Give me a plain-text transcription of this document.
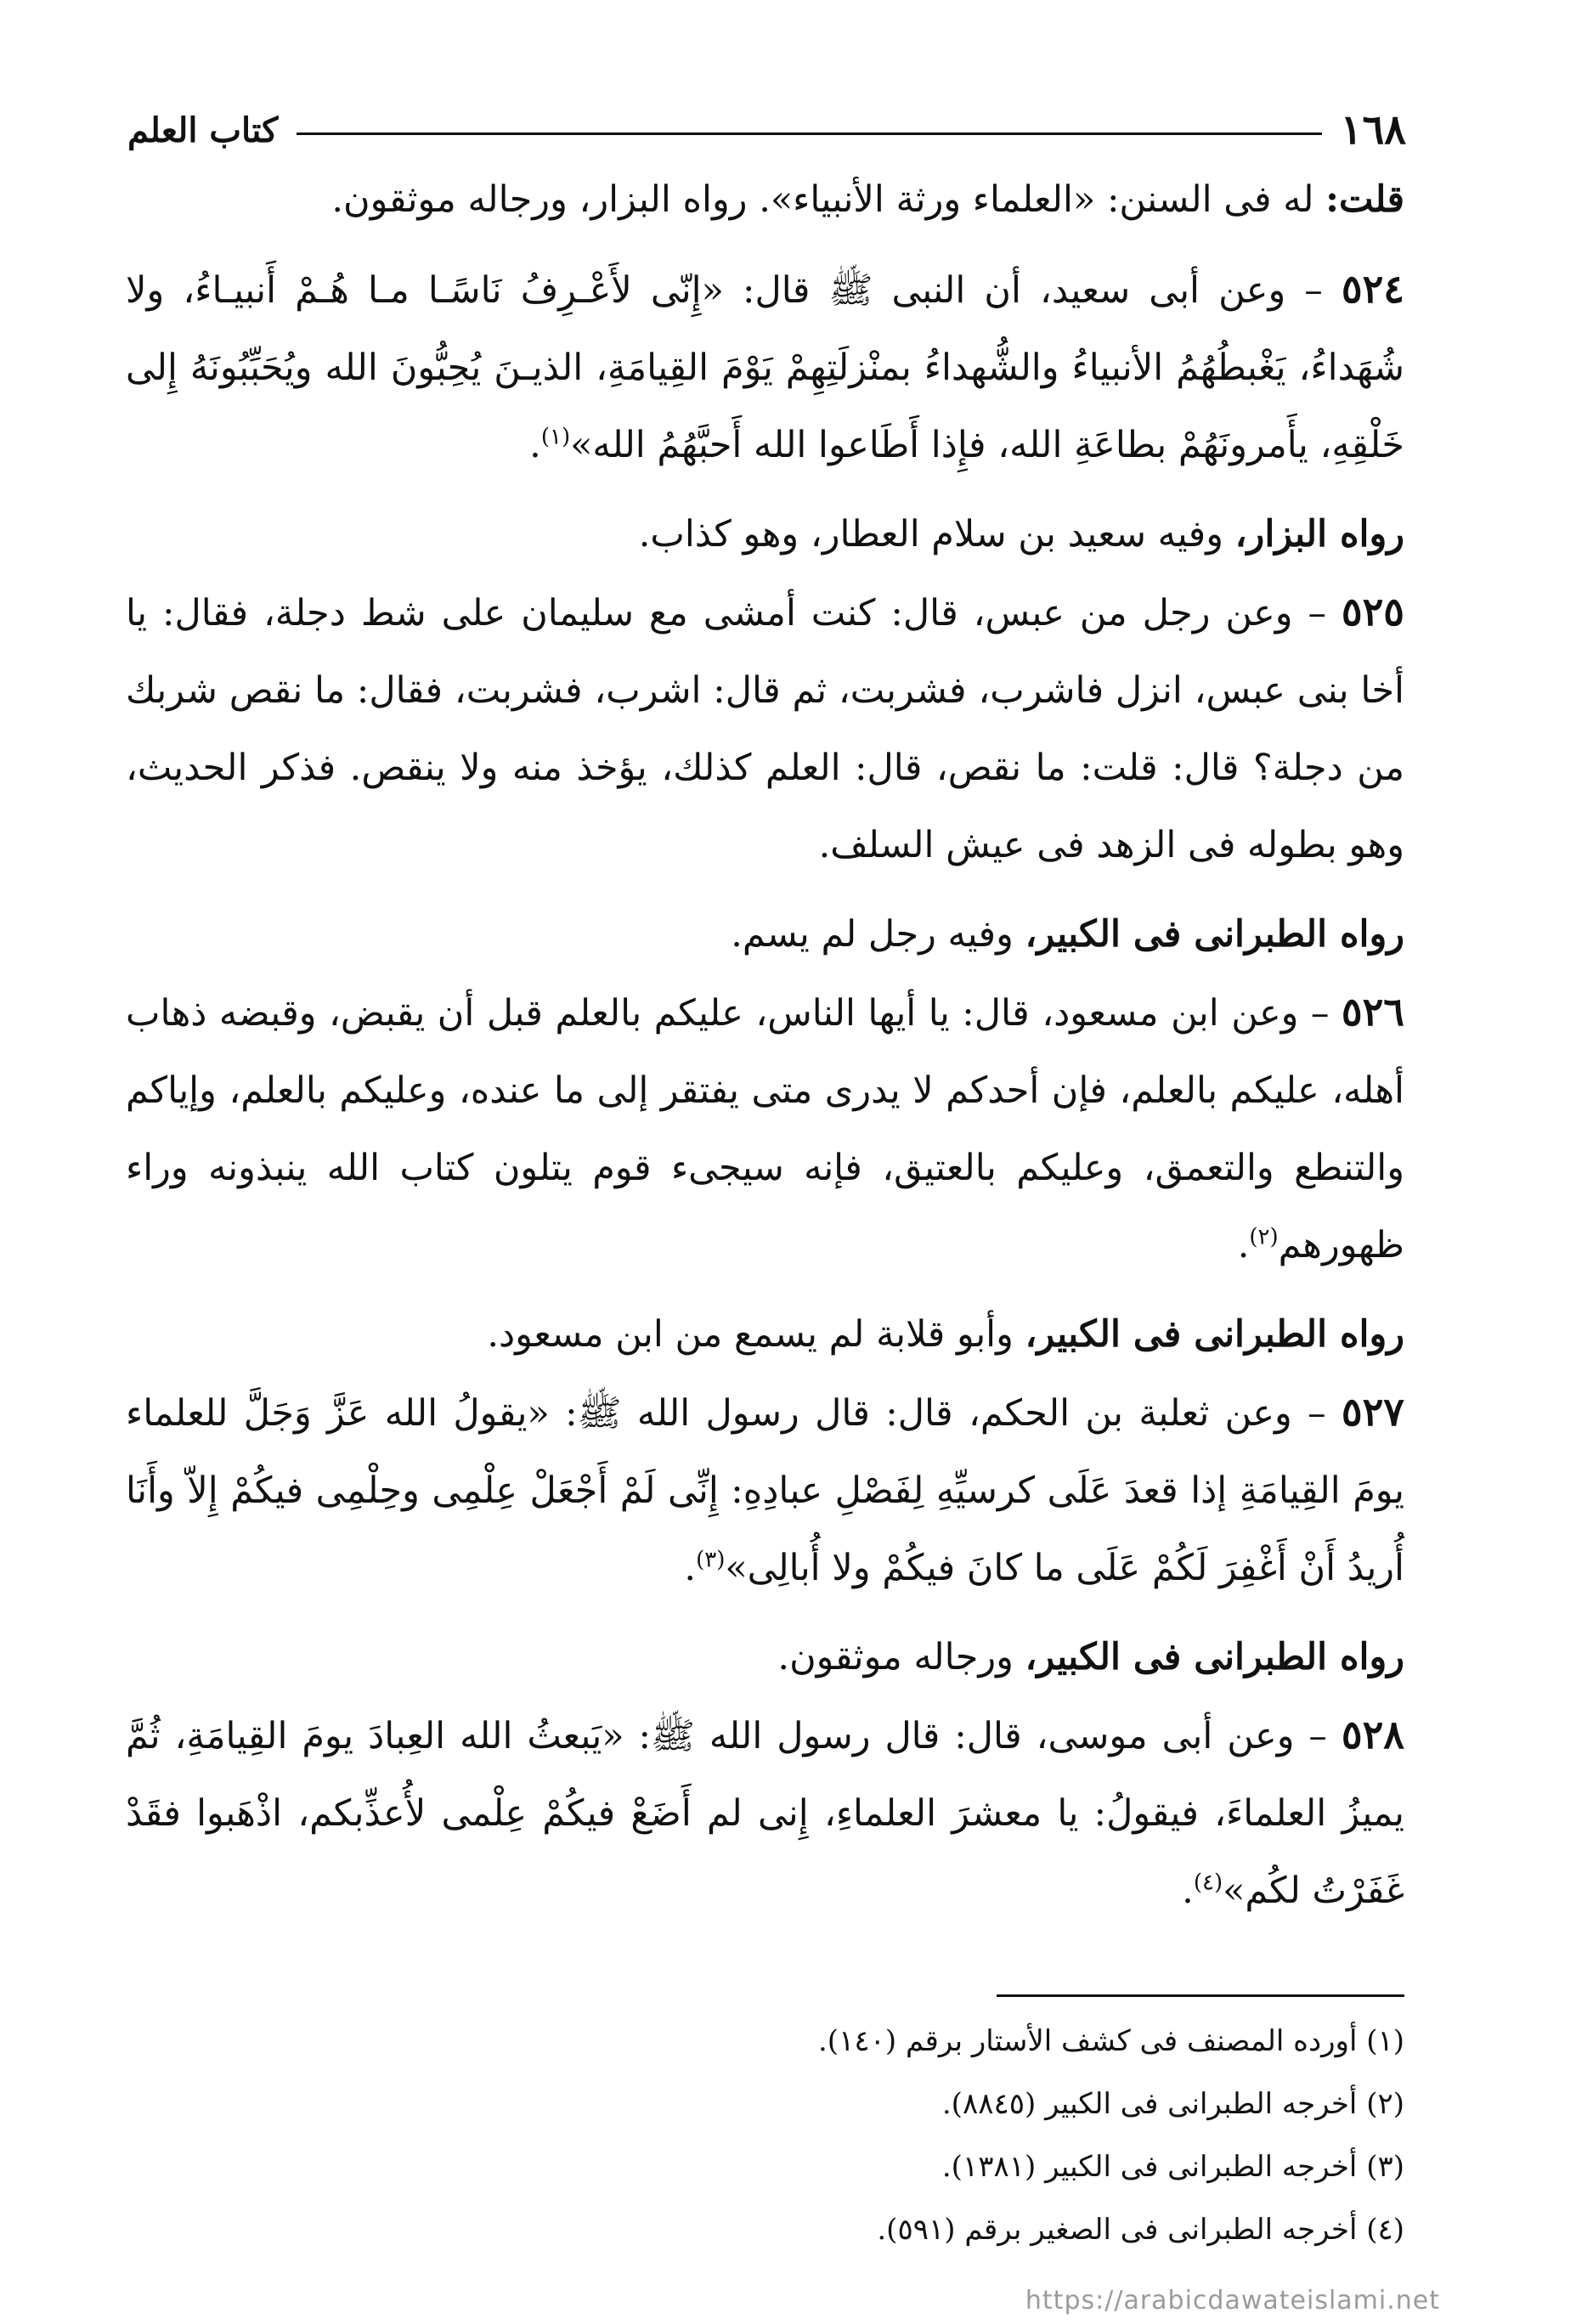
١٦٨
كتاب العلم

قلت: له فى السنن: «العلماء ورثة الأنبياء». رواه البزار، ورجاله موثقون.

٥٢٤ – وعن أبى سعيد، أن النبى ﷺ قال: «إِنّى لأَعْـرِفُ نَاسًـا مـا هُـمْ أَنبيـاءُ، ولا شُهَداءُ، يَغْبطُهُمُ الأنبياءُ والشُّهداءُ بمنْزلَتِهِمْ يَوْمَ القِيامَةِ، الذيـنَ يُحِبُّونَ الله ويُحَبِّبُونَهُ إِلى خَلْقِهِ، يأَمرونَهُمْ بطاعَةِ الله، فإِذا أَطَاعوا الله أَحبَّهُمُ الله»$^{(١)}$.

رواه البزار، وفيه سعيد بن سلام العطار، وهو كذاب.

٥٢٥ – وعن رجل من عبس، قال: كنت أمشى مع سليمان على شط دجلة، فقال: يا أخا بنى عبس، انزل فاشرب، فشربت، ثم قال: اشرب، فشربت، فقال: ما نقص شربك من دجلة؟ قال: قلت: ما نقص، قال: العلم كذلك، يؤخذ منه ولا ينقص. فذكر الحديث، وهو بطوله فى الزهد فى عيش السلف.

رواه الطبرانى فى الكبير، وفيه رجل لم يسم.

٥٢٦ – وعن ابن مسعود، قال: يا أيها الناس، عليكم بالعلم قبل أن يقبض، وقبضه ذهاب أهله، عليكم بالعلم، فإن أحدكم لا يدرى متى يفتقر إلى ما عنده، وعليكم بالعلم، وإياكم والتنطع والتعمق، وعليكم بالعتيق، فإنه سيجىء قوم يتلون كتاب الله ينبذونه وراء ظهورهم$^{(٢)}$.

رواه الطبرانى فى الكبير، وأبو قلابة لم يسمع من ابن مسعود.

٥٢٧ – وعن ثعلبة بن الحكم، قال: قال رسول الله ﷺ: «يقولُ الله عَزَّ وَجَلَّ للعلماء يومَ القِيامَةِ إذا قعدَ عَلَى كرسيِّهِ لِفَصْلِ عبادِهِ: إِنِّى لَمْ أَجْعَلْ عِلْمِى وحِلْمِى فيكُمْ إِلاّ وأَنَا أُريدُ أَنْ أَغْفِرَ لَكُمْ عَلَى ما كانَ فيكُمْ ولا أُبالِى»$^{(٣)}$.

رواه الطبرانى فى الكبير، ورجاله موثقون.

٥٢٨ – وعن أبى موسى، قال: قال رسول الله ﷺ: «يَبعثُ الله العِبادَ يومَ القِيامَةِ، ثُمَّ يميزُ العلماءَ، فيقولُ: يا معشرَ العلماءِ، إِنى لم أَضَعْ فيكُمْ عِلْمى لأُعذِّبكم، اذْهَبوا فقَدْ غَفَرْتُ لكُم»$^{(٤)}$.

(١) أورده المصنف فى كشف الأستار برقم (١٤٠).

(٢) أخرجه الطبرانى فى الكبير (٨٨٤٥).

(٣) أخرجه الطبرانى فى الكبير (١٣٨١).

(٤) أخرجه الطبرانى فى الصغير برقم (٥٩١).

https://arabicdawateislami.net
